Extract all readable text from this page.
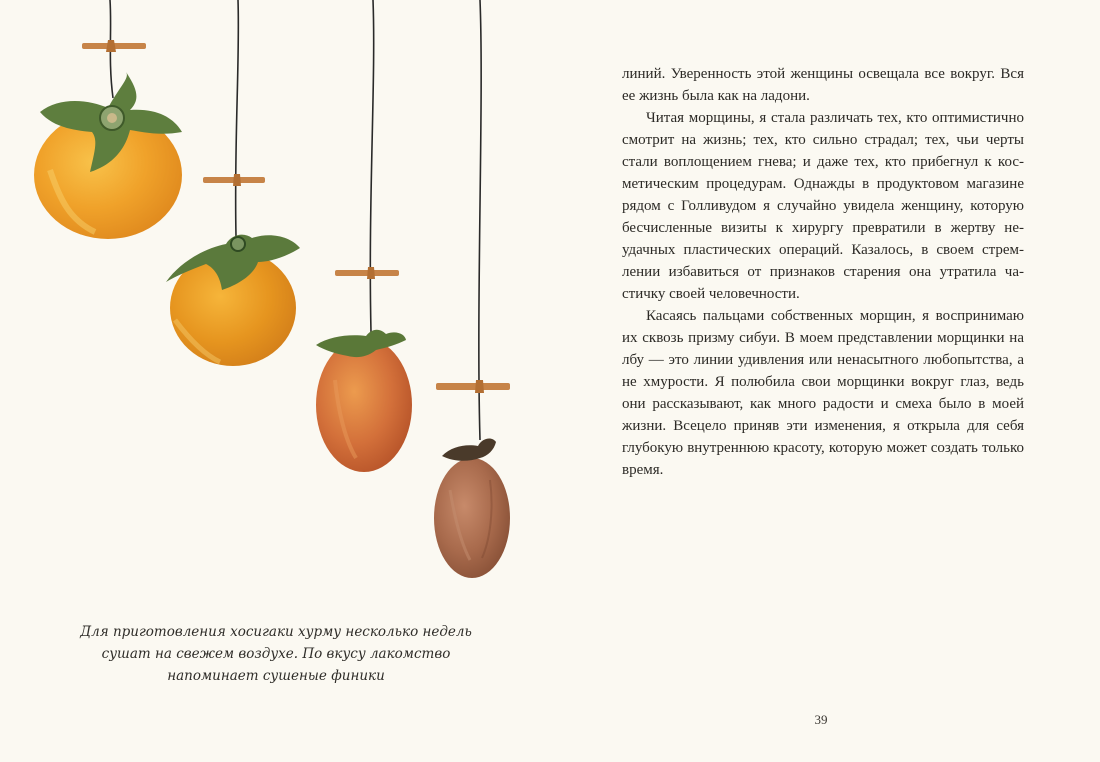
линий. Уверенность этой женщины освещала все вокруг. Вся ее жизнь была как на ладони.

Читая морщины, я стала различать тех, кто оптимистично смотрит на жизнь; тех, кто сильно страдал; тех, чьи черты стали воплощением гнева; и даже тех, кто прибегнул к косметическим процедурам. Однажды в продуктовом магазине рядом с Голливудом я случайно увидела женщину, которую бесчисленные визиты к хирургу превратили в жертву неудачных пластических операций. Казалось, в своем стремлении избавиться от признаков старения она утратила частичку своей человечности.

Касаясь пальцами собственных морщин, я воспринимаю их сквозь призму сибуи. В моем представлении морщинки на лбу — это линии удивления или ненасытного любопытства, а не хмурости. Я полюбила свои морщинки вокруг глаз, ведь они рассказывают, как много радости и смеха было в моей жизни. Всецело приняв эти изменения, я открыла для себя глубокую внутреннюю красоту, которую может создать только время.

Для приготовления хосигаки хурму несколько недель
сушат на свежем воздухе. По вкусу лакомство
напоминает сушеные финики
39
